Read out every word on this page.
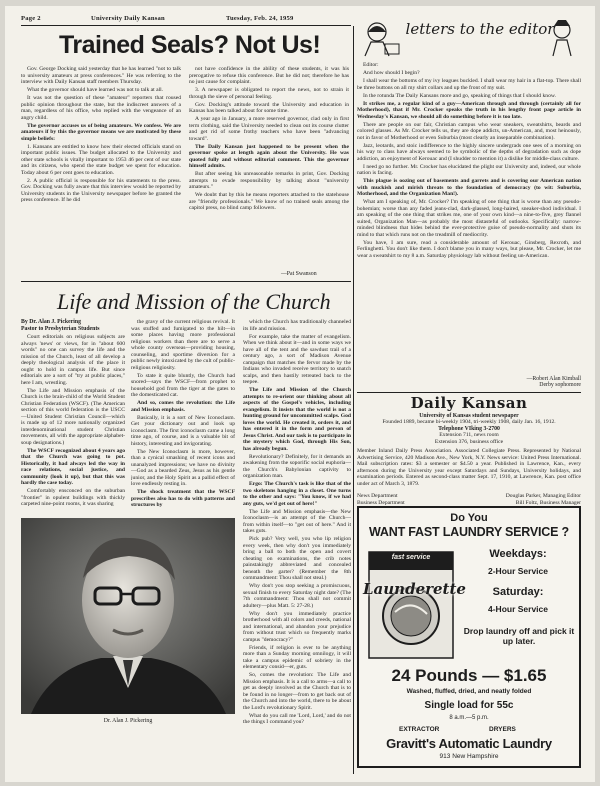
Page 2	University Daily Kansan	Tuesday, Feb. 24, 1959
Trained Seals? Not Us!

Gov. George Docking said yesterday that he has learned "not to talk to university amateurs at press conferences." He was referring to the interview with Daily Kansan staff members Thursday.

What the governor should have learned was not to talk at all.

It was not the question of these "amateur" reporters that roused public opinion throughout the state, but the indiscreet answers of a man, regardless of his office, who replied with the vengeance of an angry child.

The governor accuses us of being amateurs. We confess. We are amateurs if by this the governor means we are motivated by these simple beliefs:

1. Kansans are entitled to know how their elected officials stand on important public issues. The budget allocated to the University and other state schools is vitally important to 1953 46 per cent of our state and its citizens, who spend the state budget we spent for education. Today about 6 per cent goes to education.

2. A public official is responsible for his statements to the press. Gov. Docking was fully aware that this interview would be reported by University students in the University newspaper before he granted the press conference. If he did

not have confidence in the ability of these students, it was his prerogative to refuse this conference. But he did not; therefore he has no just cause for complaint.

3. A newspaper is obligated to report the news, not to strain it through the sieve of personal feeling.

Gov. Docking's attitude toward the University and education in Kansas has been talked about for some time.

A year ago in January, a more reserved governor, clad only in first term clothing, said the University needed to clean out its course clutter and get rid of some frothy teachers who have been "advancing toward".

The Daily Kansan just happened to be present when the governor spoke at length again about the University. He was quoted fully and without editorial comment. This the governor himself admits.

But after seeing his unreasonable remarks in print, Gov. Docking attempts to evade responsibility by talking about "university amateurs."

We doubt that by this he means reporters attached to the statehouse are "friendly professionals." We know of no trained seals among the capitol press, no blind camp followers.

—Pat Swanson
Life and Mission of the Church
By Dr. Alan J. Pickering
Pastor to Presbyterian Students

Court editorials on religious subjects are always 'news' or views, for in "about 600 words" no one can survey the life and the mission of the Church, least of all develop a deeply theological analysis of the place it ought to hold in campus life. But since editorials are a sort of "try at public places," here I am, wrestling.

The Life and Mission emphasis of the Church is the brain-child of the World Student Christian Federation (WSCF). (The American section of this world federation is the USCC—United Student Christian Council—which is made up of 12 more nationally organized interdenominational student Christian movements, all with the appropriate alphabet-soup designations.)

The WSCF recognized about 4 years ago that the Church was going to pot. Historically, it had always led the way in race relations, social justice, and community (look it up), but that this was hardly the case today.

Comfortably ensconced on the suburban "frontier" in opulent buildings with thickly carpeted nine-point rooms, it was sharing

the gravy of the current religious revival. It was stuffed and fumigated to the hilt—in some places having more professional religious workers than there are to serve a whole county overseas—providing housing, counseling, and sportime diversion for a public newly intoxicated by the cult of public-religious religiosity.

To state it quite bluntly, the Church had snored—says the WSCF—from prophet to household god from the tiger at the gates to the domesticated cat.

And so, comes the revolution: the Life and Mission emphasis.

Basically, it is a sort of New Iconoclasm. Get your dictionary out and look up iconoclasm. The first iconoclasm came a long time ago, of course, and is a valuable bit of history, interesting and invigorating.

The New Iconoclasm is more, however, than a cynical smashing of recent icons and unanalyzed impressions; we have no divinity—God as a bearded Zeus, Jesus as his gentle junior, and the Holy Spirit as a pallid effect of love endlessly resting in.

The shock treatment that the WSCF prescribes also has to do with patterns and structures by

which the Church has traditionally channeled its life and mission.

For example, take the matter of evangelism. When we think about it—and in some ways we have all of the tent and the sawdust trail of a century ago, a sort of Madison Avenue campaign that matches the fervor made by the Indians who invaded receive territory to snatch scalps, and then hastily retreated back to the teepee.

The Life and Mission of the Church attempts to re-orient our thinking about all aspects of the Gospel's vehicles, including evangelism. It insists that the world is not a hunting ground for uncommitted scalps. God loves the world. He created it, orders it, and has entered it in the form and person of Jesus Christ. And our task is to participate in the mystery which God, through His Son, has already begun.

Revolutionary? Definitely, for it demands an awakening from the soporific social euphoria—the Church's Babylonian captivity to organization man.

Ergo: The Church's task is like that of the two skeletons hanging in a closet. One turns to the other and says: "You know, if we had any guts, we'd get out of here!"

The Life and Mission emphasis—the New Iconoclasm—is an attempt of the Church—from within itself—to "get out of here." And it takes guts.

Pick pub? Very well, you who lip religion every week, then why don't you immediately bring a ball to both the open and covert cheating on examinations, the crib notes painstakingly abbreviated and concealed beneath the garter? (Remember the 8th commandment: Thou shall not steal.)

Why don't you stop seeking a promiscuous, sexual finish to every Saturday night date? (The 7th commandment: Thou shall not commit adultery—plus Matt. 5: 27-28.)

Why don't you immediately practice brotherhood with all colors and creeds, national and international, and abandon your prejudice from without trust which so frequently marks campus "democracy?"

Friends, if religion is ever to be anything more than a Sunday morning omnilogy, it will take a campus epidemic of sobriety in the elementary consid—er, guts.

So, comes the revolution: The Life and Mission emphasis. It is a call to arms—a call to get as deeply involved as the Church that is to be found in no longer—from to get back out of the Church and into the world, there to be about the Lord's revolutionary Spirit.

What do you call me 'Lord, Lord,' and do not the things I command you?

Dr. Alan J. Pickering
letters to the editor

Editor:

And how should I begin?

I shall wear the bottoms of my ivy leagues buckled. I shall wear my hair in a flat-top. There shall be three buttons on all my shirt collars and up the front of my suit.

In the rotunda The Daily Kansans more and go, speaking of things that I should know.

It strikes me, a regular kind of a guy—American through and through (certainly all for Motherhood), that if Mr. Crocker speaks the truth in his lengthy front page article in Wednesday's Kansan, we should all do something before it is too late.

There are people on our fair, Christian campus who wear sneakers, sweatshirts, beards and colored glasses. As Mr. Crocker tells us, they are dope addicts, un-American, and, most heinously, not in favor of Motherhood or even Suburbia (most clearly an inseparable combination).

Jazz, leotards, and stoic indifference to the highly sincere undergrads one sees of a morning on his way to class have always seemed to be symbolic of the depths of degradation such as dope addiction, an enjoyment of Kerouac and (I shudder to mention it) a dislike for middle-class culture.

I need go no further. Mr. Crocker has elucidated the plight our University and, indeed, our whole nation is facing.

This plague is oozing out of basements and garrets and is covering our American nation with muckish and mirish threats to the foundation of democracy (to wit: Suburbia, Motherhood, and the Organization Man!).

What am I speaking of, Mr. Crocker? I'm speaking of one thing that is worse than any pseudo-bohemian; worse than any faded jeans-clad, dark-glassed, long-haired, sneaker-shod individual. I am speaking of the one thing that strikes me, one of your own kind—a nine-to-five, grey flannel suited, Organization Man—as probably the most distasteful of outlooks. Specifically: narrow-minded blindness that hides behind the ever-protective guise of pseudo-normality and shuts its mind to that which runs not on the treadmill of mediocrity.

You have, I am sure, read a considerable amount of Kerouac, Ginsberg, Rexroth, and Ferlinghetti. You don't like them. I don't blame you in many ways, but please, Mr. Crocker, let me wear a sweatshirt to my 8 a.m. Saturday physiology lab without feeling un-American.

—Robert Alan Kimball
Derby sophomore
Daily Kansan
University of Kansas student newspaper
Founded 1889, became bi-weekly 1904, tri-weekly 1908, daily Jan. 16, 1912.
Telephone VIking 3-2700
Extension 711, news room
Extension 376, business office
Member Inland Daily Press Association. Associated Collegiate Press. Represented by National Advertising Service, 420 Madison Ave., New York, N.Y. News service: United Press International. Mail subscription rates: $3 a semester or $4.50 a year. Published in Lawrence, Kan., every afternoon during the University year except Saturdays and Sundays, University holidays, and examination periods. Entered as second-class matter Sept. 17, 1910, at Lawrence, Kan. post office under act of March 3, 1879.
News Department	Douglas Parker, Managing Editor
Business Department	Bill Foltz, Business Manager
Do You
WANT FAST LAUNDRY SERVICE ?
fast service
Launderette
Weekdays:
2-Hour Service
Saturday:
4-Hour Service
Drop laundry off and pick it up later.
24 Pounds — $1.65
Washed, fluffed, dried, and neatly folded
Single load for 55c
8 a.m.—5 p.m.
EXTRACTOR	DRYERS
Gravitt's Automatic Laundry
913 New Hampshire
